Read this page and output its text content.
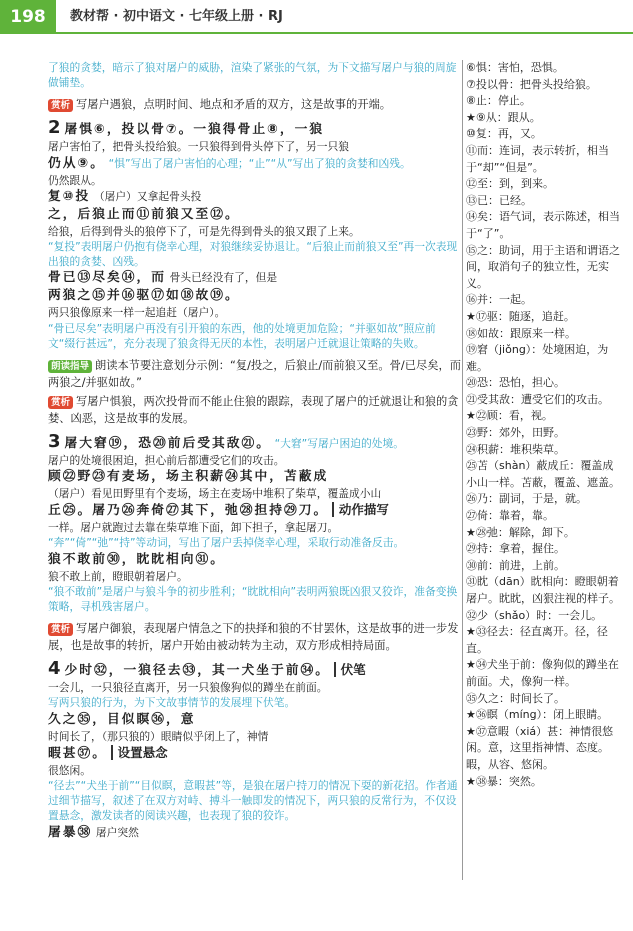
198	教材帮 · 初中语文 · 七年级上册 · RJ
了狼的贪婪，暗示了狼对屠户的威胁，渲染了紧张的气氛，为下文描写屠户与狼的周旋做铺垫。
赏析 写屠户遇狼，点明时间、地点和矛盾的双方，这是故事的开端。
2 屠惧⑥，投以骨⑦。一狼得骨止⑧，一狼
屠户害怕了，把骨头投给狼。一只狼得到骨头停下了，另一只狼
仍从⑨。 “惧”写出了屠户害怕的心理；“止”“从”写出了狼的贪婪和凶残。
仍然跟从。
复⑩投 （屠户）又拿起骨头投
之，后狼止而⑪前狼又至⑫。
给狼，后得到骨头的狼停下了，可是先得到骨头的狼又跟了上来。
“复投”表明屠户仍抱有侥幸心理，对狼继续妥协退让。“后狼止而前狼又至”再一次表现出狼的贪婪、凶残。
骨已⑬尽矣⑭，而 骨头已经没有了，但是
两狼之⑮并⑯驱⑰如⑱故⑲。
两只狼像原来一样一起追赶（屠户）。
“骨已尽矣”表明屠户再没有引开狼的东西，他的处境更加危险；“并驱如故”照应前文“缀行甚远”，充分表现了狼贪得无厌的本性，表明屠户迁就退让策略的失败。
朗读指导 朗读本节要注意划分示例：“复/投之，后狼止/而前狼又至。骨/已尽矣，而两狼之/并驱如故。”
赏析 写屠户惧狼，两次投骨而不能止住狼的跟踪，表现了屠户的迁就退让和狼的贪婪、凶恶，这是故事的发展。
3 屠大窘⑲，恐⑳前后受其敌㉑。 “大窘”写屠户困迫的处境。
屠户的处境很困迫，担心前后都遭受它们的攻击。
顾㉒野㉓有麦场，场主积薪㉔其中，苫蔽成
（屠户）看见田野里有个麦场，场主在麦场中堆积了柴草，覆盖成小山
丘㉕。屠乃㉖奔倚㉗其下，弛㉘担持㉙刀。 动作描写
一样。屠户就跑过去靠在柴草堆下面，卸下担子，拿起屠刀。
“奔”“倚”“弛”“持”等动词，写出了屠户丢掉侥幸心理，采取行动准备反击。
狼不敢前㉚，眈眈相向㉛。
狼不敢上前，瞪眼朝着屠户。
“狼不敢前”是屠户与狼斗争的初步胜利；“眈眈相向”表明两狼既凶狠又狡诈，准备变换策略，寻机残害屠户。
赏析 写屠户御狼，表现屠户情急之下的抉择和狼的不甘罢休，这是故事的进一步发展，也是故事的转折，屠户开始由被动转为主动，双方形成相持局面。
4 少时㉜，一狼径去㉝，其一犬坐于前㉞。 伏笔
一会儿，一只狼径直离开，另一只狼像狗似的蹲坐在前面。
写两只狼的行为，为下文故事情节的发展埋下伏笔。
久之㉟，目似瞑㊱，意
时间长了，（那只狼的）眼睛似乎闭上了，神情
暇甚㊲。 设置悬念
很悠闲。
“径去”“犬坐于前”“目似瞑，意暇甚”等，是狼在屠户持刀的情况下耍的新花招。作者通过细节描写，叙述了在双方对峙、搏斗一触即发的情况下，两只狼的反常行为，不仅设置悬念，激发读者的阅读兴趣，也表现了狼的狡诈。
屠暴㊳ 屠户突然
⑥惧：害怕，恐惧。
⑦投以骨：把骨头投给狼。
⑧止：停止。
★⑨从：跟从。
⑩复：再，又。
⑪而：连词，表示转折，相当于“却”“但是”。
⑫至：到，到来。
⑬已：已经。
⑭矣：语气词，表示陈述，相当于“了”。
⑮之：助词，用于主语和谓语之间，取消句子的独立性，无实义。
⑯并：一起。
★⑰驱：随逐，追赶。
⑱如故：跟原来一样。
⑲窘（jiǒng）：处境困迫，为难。
⑳恐：恐怕，担心。
㉑受其敌：遭受它们的攻击。
★㉒顾：看，视。
㉓野：郊外，田野。
㉔积薪：堆积柴草。
㉕苫（shàn）蔽成丘：覆盖成小山一样。苫蔽，覆盖、遮盖。
㉖乃：副词，于是，就。
㉗倚：靠着，靠。
★㉘弛：解除，卸下。
㉙持：拿着，握住。
㉚前：前进，上前。
㉛眈（dān）眈相向：瞪眼朝着屠户。眈眈，凶狠注视的样子。
㉜少（shǎo）时：一会儿。
★㉝径去：径直离开。径，径直。
★㉞犬坐于前：像狗似的蹲坐在前面。犬，像狗一样。
㉟久之：时间长了。
★㊱瞑（míng）：闭上眼睛。
★㊲意暇（xiá）甚：神情很悠闲。意，这里指神情、态度。暇，从容、悠闲。
★㊳暴：突然。
